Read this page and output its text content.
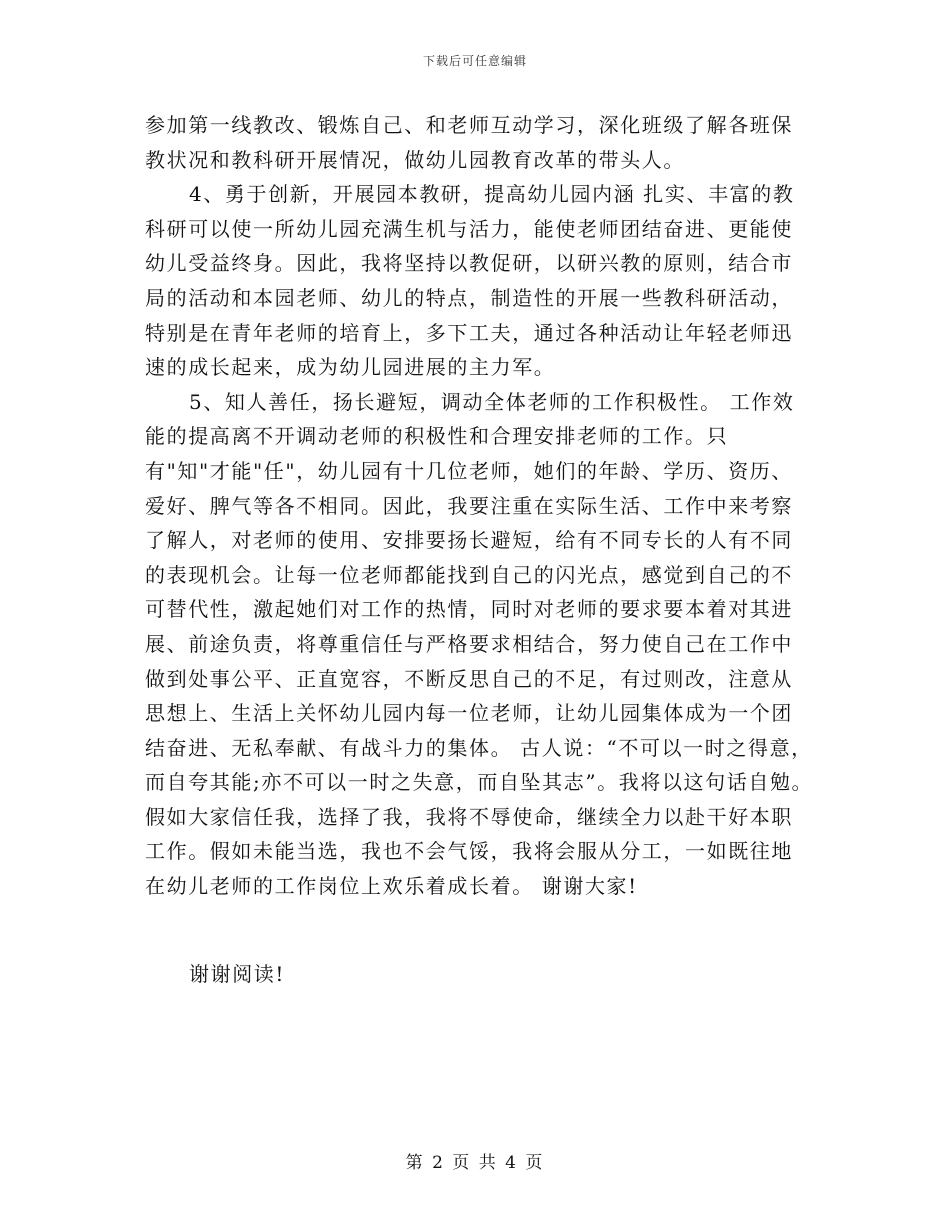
下载后可任意编辑
参加第一线教改、锻炼自己、和老师互动学习，深化班级了解各班保
教状况和教科研开展情况，做幼儿园教育改革的带头人。
4、勇于创新，开展园本教研，提高幼儿园内涵 扎实、丰富的教
科研可以使一所幼儿园充满生机与活力，能使老师团结奋进、更能使
幼儿受益终身。因此，我将坚持以教促研，以研兴教的原则，结合市
局的活动和本园老师、幼儿的特点，制造性的开展一些教科研活动，
特别是在青年老师的培育上，多下工夫，通过各种活动让年轻老师迅
速的成长起来，成为幼儿园进展的主力军。
5、知人善任，扬长避短，调动全体老师的工作积极性。 工作效
能的提高离不开调动老师的积极性和合理安排老师的工作。只
有"知"才能"任"，幼儿园有十几位老师，她们的年龄、学历、资历、
爱好、脾气等各不相同。因此，我要注重在实际生活、工作中来考察
了解人，对老师的使用、安排要扬长避短，给有不同专长的人有不同
的表现机会。让每一位老师都能找到自己的闪光点，感觉到自己的不
可替代性，激起她们对工作的热情，同时对老师的要求要本着对其进
展、前途负责，将尊重信任与严格要求相结合，努力使自己在工作中
做到处事公平、正直宽容，不断反思自己的不足，有过则改，注意从
思想上、生活上关怀幼儿园内每一位老师，让幼儿园集体成为一个团
结奋进、无私奉献、有战斗力的集体。 古人说：“不可以一时之得意，
而自夸其能;亦不可以一时之失意，而自坠其志”。我将以这句话自勉。
假如大家信任我，选择了我，我将不辱使命，继续全力以赴干好本职
工作。假如未能当选，我也不会气馁，我将会服从分工，一如既往地
在幼儿老师的工作岗位上欢乐着成长着。 谢谢大家!
谢谢阅读!
第 2 页 共 4 页
